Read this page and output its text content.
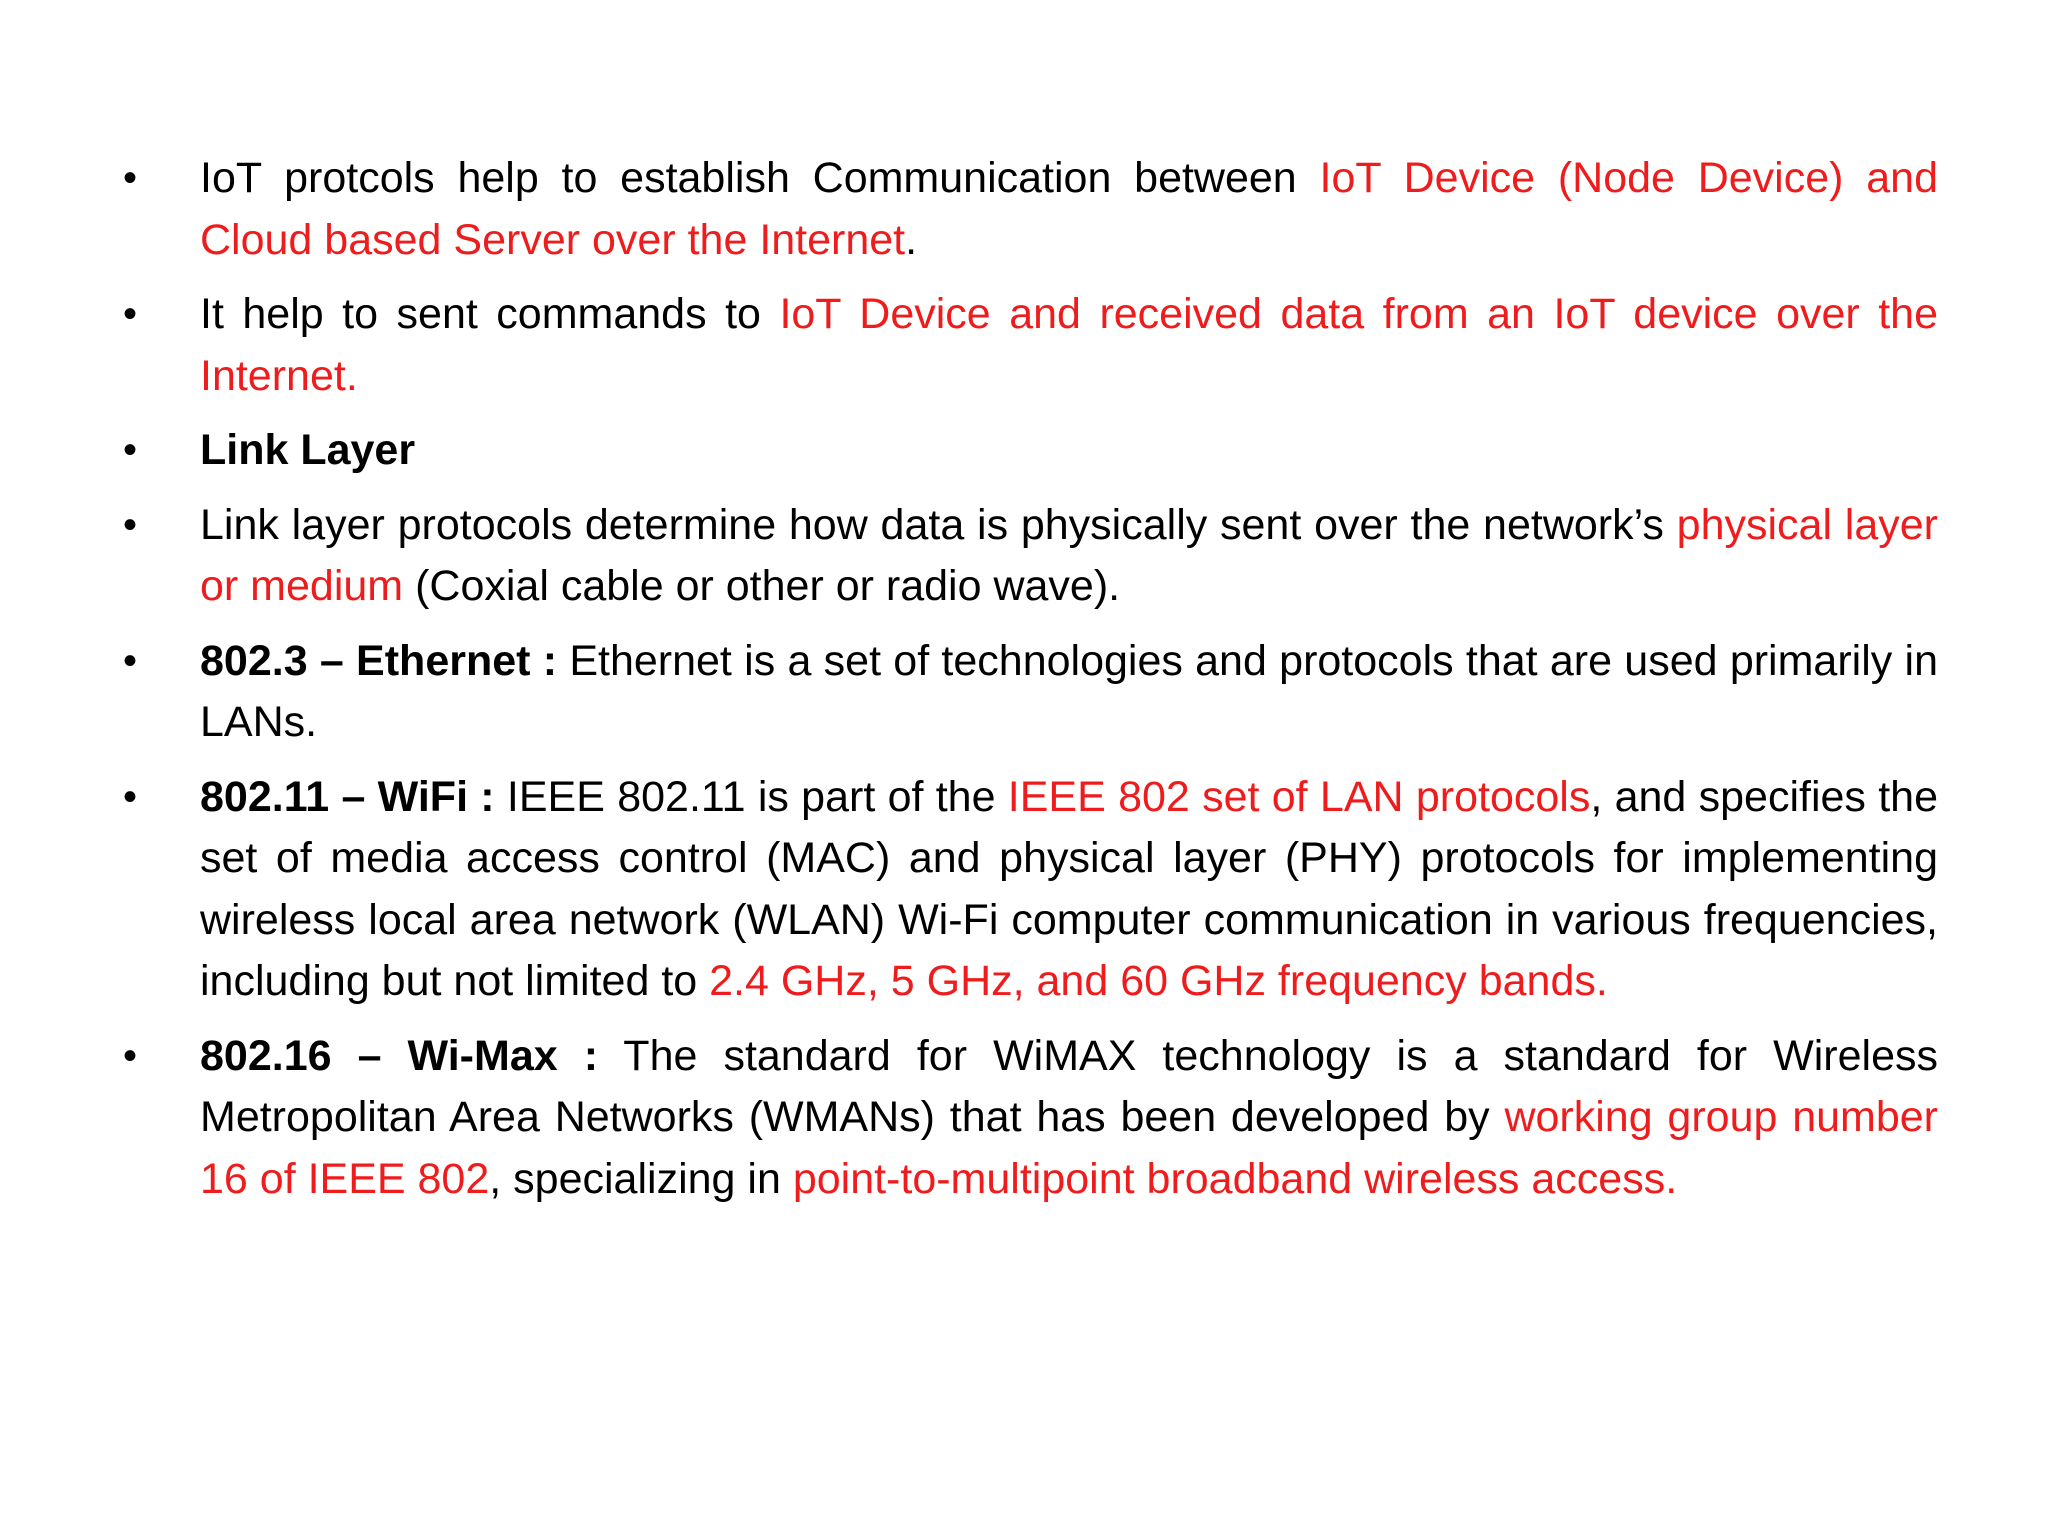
• IoT protcols help to establish Communication between IoT Device (Node Device) and Cloud based Server over the Internet.
• It help to sent commands to IoT Device and received data from an IoT device over the Internet.
• Link Layer
• Link layer protocols determine how data is physically sent over the network’s physical layer or medium (Coxial cable or other or radio wave).
• 802.3 – Ethernet : Ethernet is a set of technologies and protocols that are used primarily in LANs.
• 802.11 – WiFi : IEEE 802.11 is part of the IEEE 802 set of LAN protocols, and specifies the set of media access control (MAC) and physical layer (PHY) protocols for implementing wireless local area network (WLAN) Wi-Fi computer communication in various frequencies, including but not limited to 2.4 GHz, 5 GHz, and 60 GHz frequency bands.
• 802.16 – Wi-Max : The standard for WiMAX technology is a standard for Wireless Metropolitan Area Networks (WMANs) that has been developed by working group number 16 of IEEE 802, specializing in point-to-multipoint broadband wireless access.
